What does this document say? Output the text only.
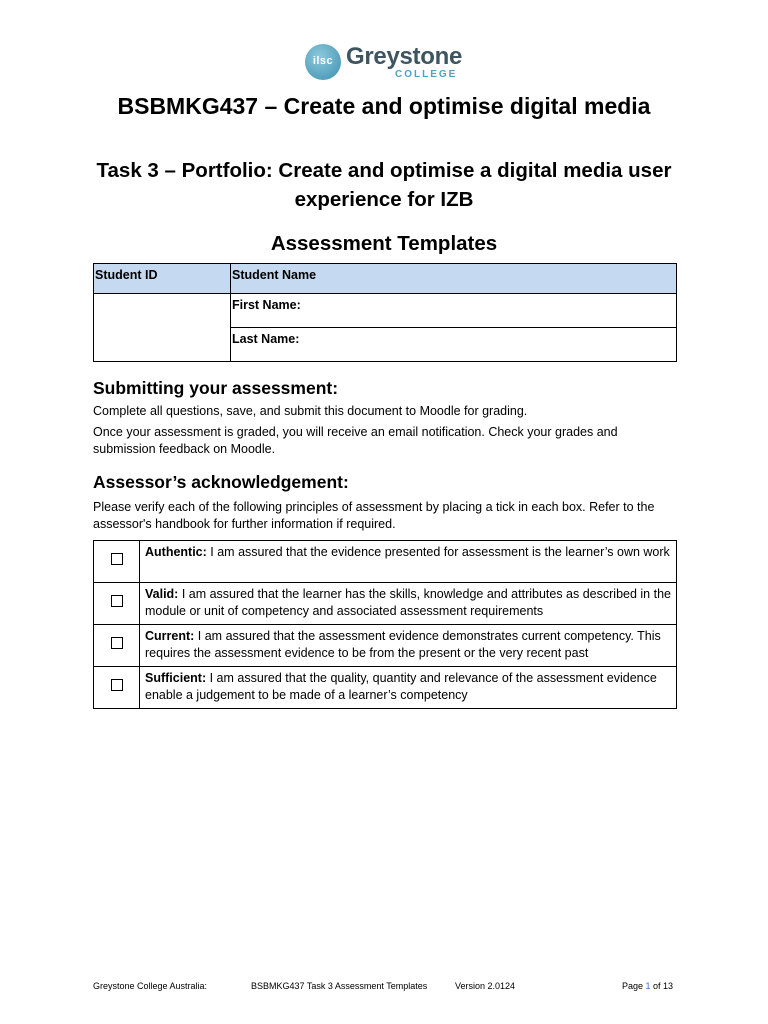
ilsc Greystone
COLLEGE
BSBMKG437 – Create and optimise digital media
Task 3 – Portfolio: Create and optimise a digital media user experience for IZB
Assessment Templates
Student ID	Student Name
	First Name:
	Last Name:
Submitting your assessment:
Complete all questions, save, and submit this document to Moodle for grading.
Once your assessment is graded, you will receive an email notification. Check your grades and submission feedback on Moodle.
Assessor’s acknowledgement:
Please verify each of the following principles of assessment by placing a tick in each box. Refer to the assessor's handbook for further information if required.
	Authentic: I am assured that the evidence presented for assessment is the learner’s own work
	Valid: I am assured that the learner has the skills, knowledge and attributes as described in the module or unit of competency and associated assessment requirements
	Current: I am assured that the assessment evidence demonstrates current competency. This requires the assessment evidence to be from the present or the very recent past
	Sufficient: I am assured that the quality, quantity and relevance of the assessment evidence enable a judgement to be made of a learner’s competency
Greystone College Australia:	BSBMKG437 Task 3 Assessment Templates	Version 2.0124	Page 1 of 13
